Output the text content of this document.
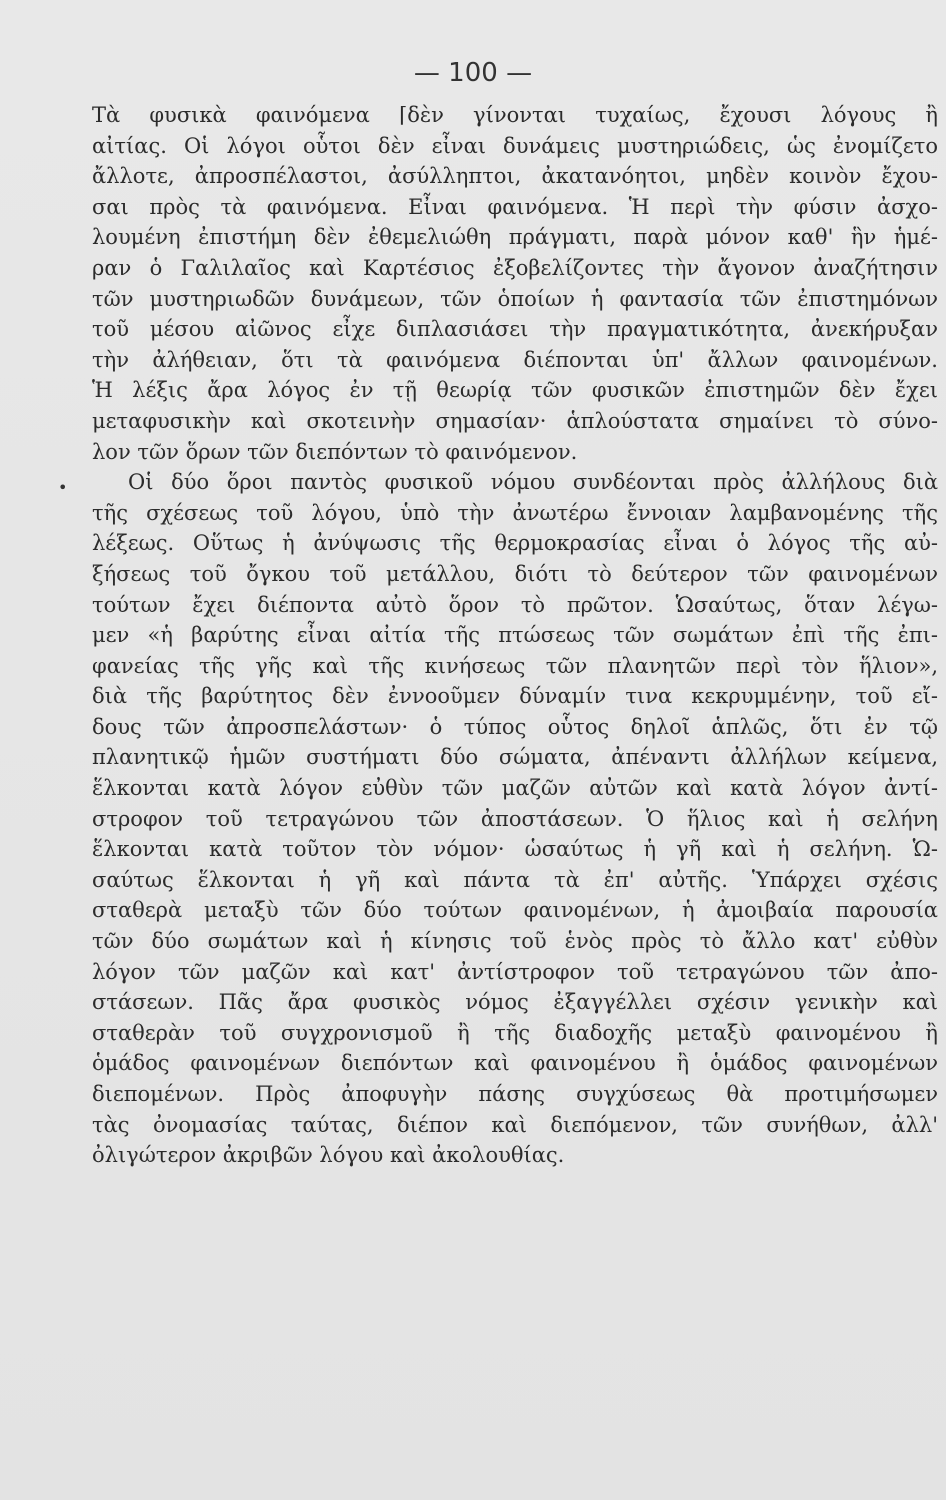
— 100 —
•
Τὰ φυσικὰ φαινόμενα ⌈δὲν γίνονται τυχαίως, ἔχουσι λόγους ἢ
αἰτίας. Οἱ λόγοι οὗτοι δὲν εἶναι δυνάμεις μυστηριώδεις, ὡς ἐνομίζετο
ἄλλοτε, ἀπροσπέλαστοι, ἀσύλληπτοι, ἀκατανόητοι, μηδὲν κοινὸν ἔχου-
σαι πρὸς τὰ φαινόμενα. Εἶναι φαινόμενα. Ἡ περὶ τὴν φύσιν ἀσχο-
λουμένη ἐπιστήμη δὲν ἐθεμελιώθη πράγματι, παρὰ μόνον καθ' ἣν ἡμέ-
ραν ὁ Γαλιλαῖος καὶ Καρτέσιος ἐξοβελίζοντες τὴν ἄγονον ἀναζήτησιν
τῶν μυστηριωδῶν δυνάμεων, τῶν ὁποίων ἡ φαντασία τῶν ἐπιστημόνων
τοῦ μέσου αἰῶνος εἶχε διπλασιάσει τὴν πραγματικότητα, ἀνεκήρυξαν
τὴν ἀλήθειαν, ὅτι τὰ φαινόμενα διέπονται ὑπ' ἄλλων φαινομένων.
Ἡ λέξις ἄρα λόγος ἐν τῇ θεωρίᾳ τῶν φυσικῶν ἐπιστημῶν δὲν ἔχει
μεταφυσικὴν καὶ σκοτεινὴν σημασίαν· ἁπλούστατα σημαίνει τὸ σύνο-
λον τῶν ὅρων τῶν διεπόντων τὸ φαινόμενον.
Οἱ δύο ὅροι παντὸς φυσικοῦ νόμου συνδέονται πρὸς ἀλλήλους διὰ
τῆς σχέσεως τοῦ λόγου, ὑπὸ τὴν ἀνωτέρω ἔννοιαν λαμβανομένης τῆς
λέξεως. Οὕτως ἡ ἀνύψωσις τῆς θερμοκρασίας εἶναι ὁ λόγος τῆς αὐ-
ξήσεως τοῦ ὄγκου τοῦ μετάλλου, διότι τὸ δεύτερον τῶν φαινομένων
τούτων ἔχει διέποντα αὐτὸ ὅρον τὸ πρῶτον. Ὡσαύτως, ὅταν λέγω-
μεν «ἡ βαρύτης εἶναι αἰτία τῆς πτώσεως τῶν σωμάτων ἐπὶ τῆς ἐπι-
φανείας τῆς γῆς καὶ τῆς κινήσεως τῶν πλανητῶν περὶ τὸν ἥλιον»,
διὰ τῆς βαρύτητος δὲν ἐννοοῦμεν δύναμίν τινα κεκρυμμένην, τοῦ εἴ-
δους τῶν ἀπροσπελάστων· ὁ τύπος οὗτος δηλοῖ ἁπλῶς, ὅτι ἐν τῷ
πλανητικῷ ἡμῶν συστήματι δύο σώματα, ἀπέναντι ἀλλήλων κείμενα,
ἕλκονται κατὰ λόγον εὐθὺν τῶν μαζῶν αὐτῶν καὶ κατὰ λόγον ἀντί-
στροφον τοῦ τετραγώνου τῶν ἀποστάσεων. Ὁ ἥλιος καὶ ἡ σελήνη
ἕλκονται κατὰ τοῦτον τὸν νόμον· ὡσαύτως ἡ γῆ καὶ ἡ σελήνη. Ὡ-
σαύτως ἕλκονται ἡ γῆ καὶ πάντα τὰ ἐπ' αὐτῆς. Ὑπάρχει σχέσις
σταθερὰ μεταξὺ τῶν δύο τούτων φαινομένων, ἡ ἀμοιβαία παρουσία
τῶν δύο σωμάτων καὶ ἡ κίνησις τοῦ ἑνὸς πρὸς τὸ ἄλλο κατ' εὐθὺν
λόγον τῶν μαζῶν καὶ κατ' ἀντίστροφον τοῦ τετραγώνου τῶν ἀπο-
στάσεων. Πᾶς ἄρα φυσικὸς νόμος ἐξαγγέλλει σχέσιν γενικὴν καὶ
σταθερὰν τοῦ συγχρονισμοῦ ἢ τῆς διαδοχῆς μεταξὺ φαινομένου ἢ
ὁμάδος φαινομένων διεπόντων καὶ φαινομένου ἢ ὁμάδος φαινομένων
διεπομένων. Πρὸς ἀποφυγὴν πάσης συγχύσεως θὰ προτιμήσωμεν
τὰς ὀνομασίας ταύτας, διέπον καὶ διεπόμενον, τῶν συνήθων, ἀλλ'
ὀλιγώτερον ἀκριβῶν λόγου καὶ ἀκολουθίας.
